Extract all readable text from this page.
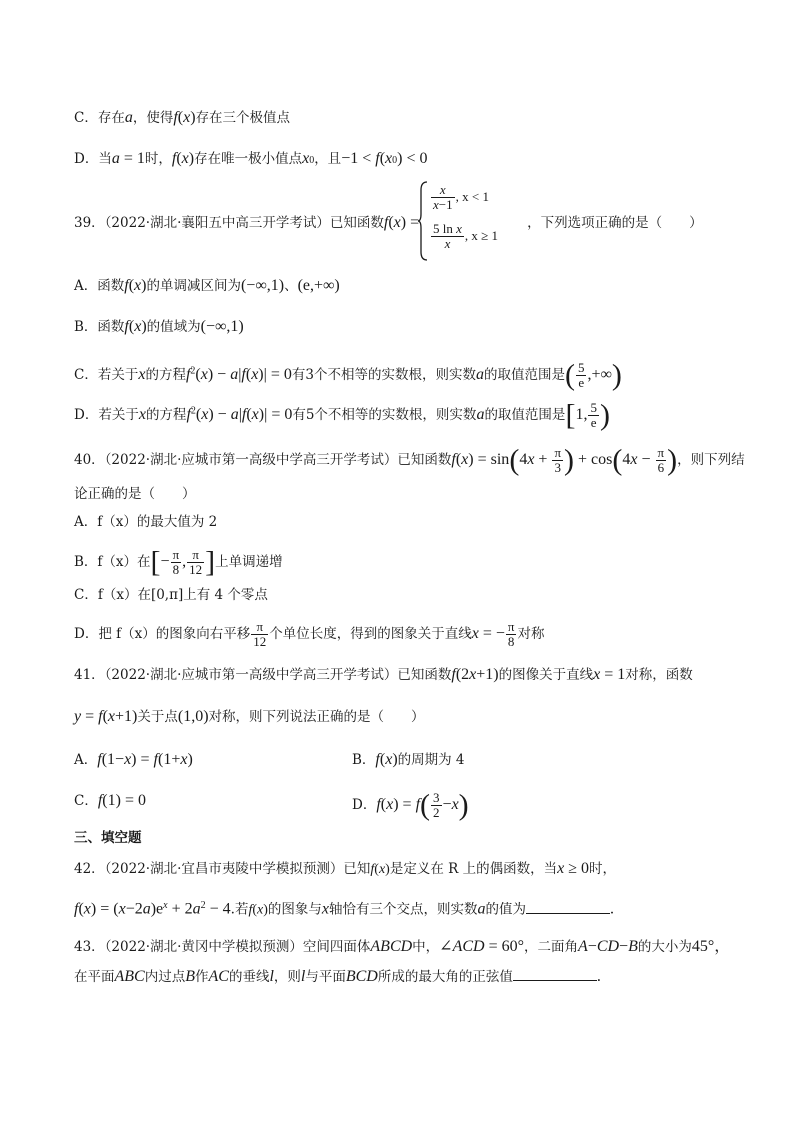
C．存在a，使得f(x)存在三个极值点
D．当a = 1时，f(x)存在唯一极小值点x0，且−1 < f(x0) < 0
39．（2022·湖北·襄阳五中高三开学考试）已知函数f(x) =	，下列选项正确的是（　　）
$\frac{x}{x-1}$ , x < 1
$\frac{\text{5 ln x}}{x}$ , x ≥ 1
A．函数f(x)的单调减区间为(−∞,1)、(e,+∞)
B．函数f(x)的值域为(−∞,1)
C．若关于x的方程$f^2(x) - a|f(x)| = 0$有3个不相等的实数根，则实数a的取值范围是( $\frac{5}{e}$ ,+∞)
D．若关于x的方程$f^2(x) - a|f(x)| = 0$有5个不相等的实数根，则实数a的取值范围是[1, $\frac{5}{e}$ )
40．（2022·湖北·应城市第一高级中学高三开学考试）已知函数$f(x) = \sin(4x + \frac{\pi}{3}$ ) + $\cos(4x - \frac{\pi}{6}$ )，则下列结
论正确的是（　　）
A．f（x）的最大值为 2
B．f（x）在[− $\frac{\pi}{8}$ , $\frac{\pi}{12}$ ]上单调递增
C．f（x）在[0,π]上有 4 个零点
D．把 f（x）的图象向右平移 $\frac{\pi}{12}$ 个单位长度，得到的图象关于直线x = − $\frac{\pi}{8}$ 对称
41．（2022·湖北·应城市第一高级中学高三开学考试）已知函数f(2x+1)的图像关于直线x = 1对称，函数
y = f(x+1)关于点(1,0)对称，则下列说法正确的是（　　）
A．f(1−x) = f(1+x)	B．f(x)的周期为 4
C．f(1) = 0	D．$f(x) = f( \frac{3}{2} -x)$
三、填空题
42．（2022·湖北·宜昌市夷陵中学模拟预测）已知f(x)是定义在 R 上的偶函数，当x ≥ 0时，
$f(x) = (x-2a)e^x + 2a^2 - 4$.若f(x)的图象与x轴恰有三个交点，则实数a的值为	.
43．（2022·湖北·黄冈中学模拟预测）空间四面体ABCD中，∠ACD = 60°，二面角A−CD−B的大小为45°，
在平面ABC内过点B作AC的垂线l，则l与平面BCD所成的最大角的正弦值	.
